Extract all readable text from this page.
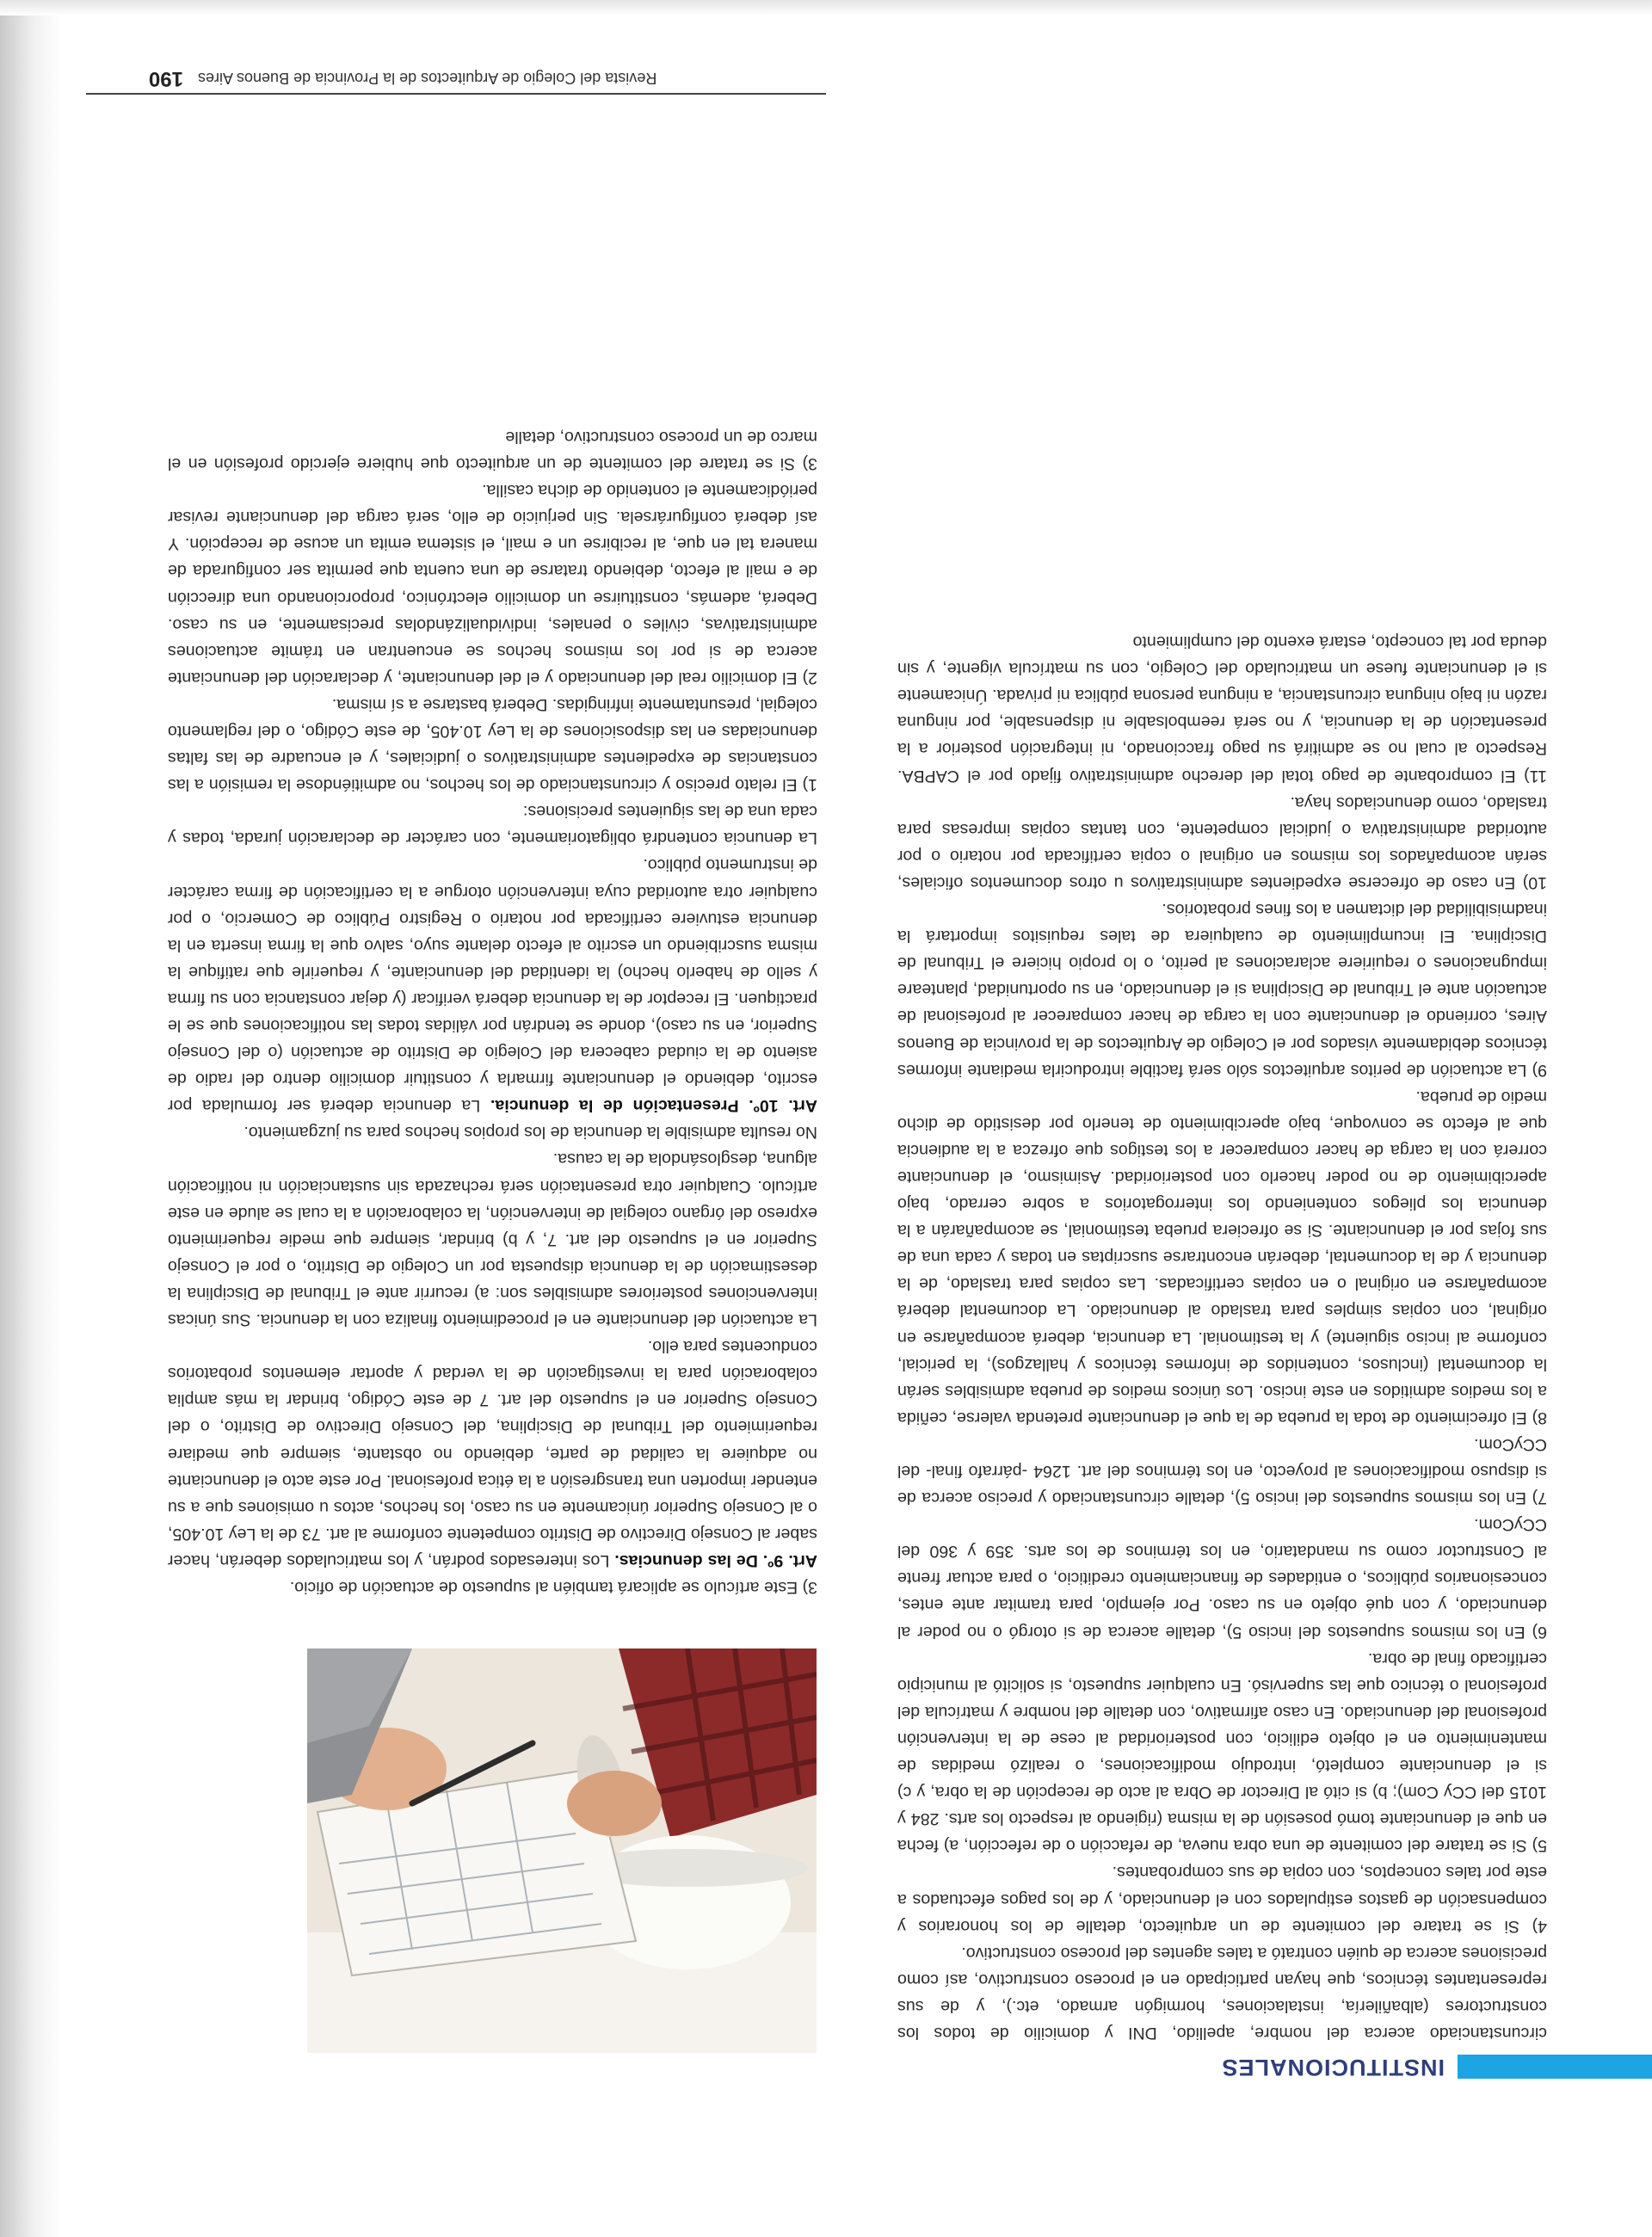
INSTITUCIONALES

circunstanciado acerca del nombre, apellido, DNI y domicilio de todos los constructores (albañilería, instalaciones, hormigón armado, etc.), y de sus representantes técnicos, que hayan participado en el proceso constructivo, así como precisiones acerca de quién contrató a tales agentes del proceso constructivo.

4) Si se tratare del comitente de un arquitecto, detalle de los honorarios y compensación de gastos estipulados con el denunciado, y de los pagos efectuados a este por tales conceptos, con copia de sus comprobantes.

5) Si se tratare del comitente de una obra nueva, de refacción o de refección, a) fecha en que el denunciante tomó posesión de la misma (rigiendo al respecto los arts. 284 y 1015 del CCy Com); b) si citó al Director de Obra al acto de recepción de la obra, y c) si el denunciante completó, introdujo modificaciones, o realizó medidas de mantenimiento en el objeto edilicio, con posterioridad al cese de la intervención profesional del denunciado. En caso afirmativo, con detalle del nombre y matrícula del profesional o técnico que las supervisó. En cualquier supuesto, si solicitó al municipio certificado final de obra.

6) En los mismos supuestos del inciso 5), detalle acerca de si otorgó o no poder al denunciado, y con qué objeto en su caso. Por ejemplo, para tramitar ante entes, concesionarios públicos, o entidades de financiamiento crediticio, o para actuar frente al Constructor como su mandatario, en los términos de los arts. 359 y 360 del CCyCom.

7) En los mismos supuestos del inciso 5), detalle circunstanciado y preciso acerca de si dispuso modificaciones al proyecto, en los términos del art. 1264 -párrafo final- del CCyCom.

8) El ofrecimiento de toda la prueba de la que el denunciante pretenda valerse, ceñida a los medios admitidos en este inciso. Los únicos medios de prueba admisibles serán la documental (inclusos, contenidos de informes técnicos y hallazgos), la pericial, conforme al inciso siguiente) y la testimonial. La denuncia, deberá acompañarse en original, con copias simples para traslado al denunciado. La documental deberá acompañarse en original o en copias certificadas. Las copias para traslado, de la denuncia y de la documental, deberán encontrarse suscriptas en todas y cada una de sus fojas por el denunciante. Si se ofreciera prueba testimonial, se acompañarán a la denuncia los pliegos conteniendo los interrogatorios a sobre cerrado, bajo apercibimiento de no poder hacerlo con posterioridad. Asimismo, el denunciante correrá con la carga de hacer comparecer a los testigos que ofrezca a la audiencia que al efecto se convoque, bajo apercibimiento de tenerlo por desistido de dicho medio de prueba.

9) La actuación de peritos arquitectos sólo será factible introducirla mediante informes técnicos debidamente visados por el Colegio de Arquitectos de la provincia de Buenos Aires, corriendo el denunciante con la carga de hacer comparecer al profesional de actuación ante el Tribunal de Disciplina si el denunciado, en su oportunidad, planteare impugnaciones o requiriere aclaraciones al perito, o lo propio hiciere el Tribunal de Disciplina. El incumplimiento de cualquiera de tales requisitos importará la inadmisibilidad del dictamen a los fines probatorios.

10) En caso de ofrecerse expedientes administrativos u otros documentos oficiales, serán acompañados los mismos en original o copia certificada por notario o por autoridad administrativa o judicial competente, con tantas copias impresas para traslado, como denunciados haya.

11) El comprobante de pago total del derecho administrativo fijado por el CAPBA. Respecto al cual no se admitirá su pago fraccionado, ni integración posterior a la presentación de la denuncia, y no será reembolsable ni dispensable, por ninguna razón ni bajo ninguna circunstancia, a ninguna persona pública ni privada. Únicamente si el denunciante fuese un matriculado del Colegio, con su matrícula vigente, y sin deuda por tal concepto, estará exento del cumplimiento

3) Este artículo se aplicará también al supuesto de actuación de oficio.

Art. 9º. De las denuncias. Los interesados podrán, y los matriculados deberán, hacer saber al Consejo Directivo de Distrito competente conforme al art. 73 de la Ley 10.405, o al Consejo Superior únicamente en su caso, los hechos, actos u omisiones que a su entender importen una transgresión a la ética profesional. Por este acto el denunciante no adquiere la calidad de parte, debiendo no obstante, siempre que mediare requerimiento del Tribunal de Disciplina, del Consejo Directivo de Distrito, o del Consejo Superior en el supuesto del art. 7 de este Código, brindar la más amplia colaboración para la investigación de la verdad y aportar elementos probatorios conducentes para ello.

La actuación del denunciante en el procedimiento finaliza con la denuncia. Sus únicas intervenciones posteriores admisibles son: a) recurrir ante el Tribunal de Disciplina la desestimación de la denuncia dispuesta por un Colegio de Distrito, o por el Consejo Superior en el supuesto del art. 7, y b) brindar, siempre que medie requerimiento expreso del órgano colegial de intervención, la colaboración a la cual se alude en este artículo. Cualquier otra presentación será rechazada sin sustanciación ni notificación alguna, desglosándola de la causa.

No resulta admisible la denuncia de los propios hechos para su juzgamiento.

Art. 10º. Presentación de la denuncia. La denuncia deberá ser formulada por escrito, debiendo el denunciante firmarla y constituir domicilio dentro del radio de asiento de la ciudad cabecera del Colegio de Distrito de actuación (o del Consejo Superior, en su caso), donde se tendrán por válidas todas las notificaciones que se le practiquen. El receptor de la denuncia deberá verificar (y dejar constancia con su firma y sello de haberlo hecho) la identidad del denunciante, y requerirle que ratifique la misma suscribiendo un escrito al efecto delante suyo, salvo que la firma inserta en la denuncia estuviere certificada por notario o Registro Público de Comercio, o por cualquier otra autoridad cuya intervención otorgue a la certificación de firma carácter de instrumento público.

La denuncia contendrá obligatoriamente, con carácter de declaración jurada, todas y cada una de las siguientes precisiones:

1) El relato preciso y circunstanciado de los hechos, no admitiéndose la remisión a las constancias de expedientes administrativos o judiciales, y el encuadre de las faltas denunciadas en las disposiciones de la Ley 10.405, de este Código, o del reglamento colegial, presuntamente infringidas. Deberá bastarse a sí misma.

2) El domicilio real del denunciado y el del denunciante, y declaración del denunciante acerca de si por los mismos hechos se encuentran en trámite actuaciones administrativas, civiles o penales, individualizándolas precisamente, en su caso. Deberá, además, constituirse un domicilio electrónico, proporcionando una dirección de e mail al efecto, debiendo tratarse de una cuenta que permita ser configurada de manera tal en que, al recibirse un e mail, el sistema emita un acuse de recepción. Y así deberá configurársela. Sin perjuicio de ello, será carga del denunciante revisar periódicamente el contenido de dicha casilla.

3) Si se tratare del comitente de un arquitecto que hubiere ejercido profesión en el marco de un proceso constructivo, detalle

190 Revista del Colegio de Arquitectos de la Provincia de Buenos Aires
